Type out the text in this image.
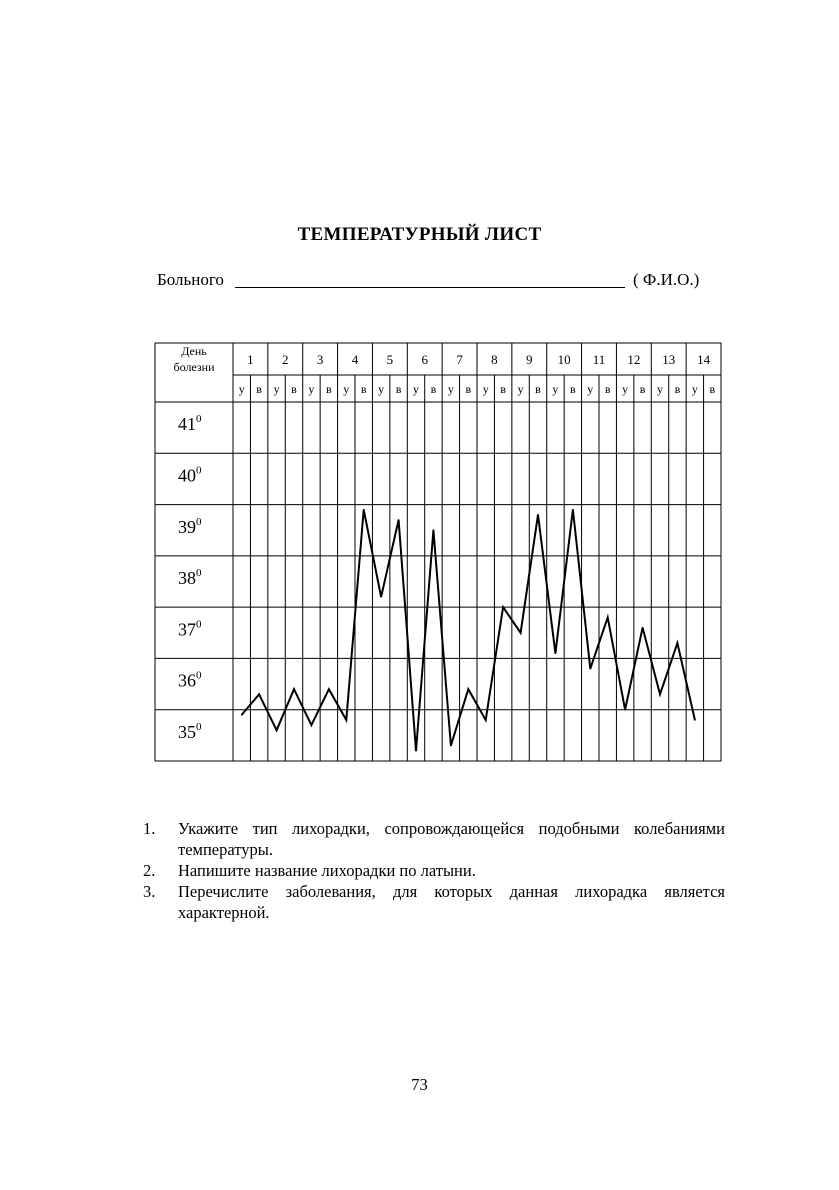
ТЕМПЕРАТУРНЫЙ ЛИСТ
Больного	( Ф.И.О.)
День
болезни	1 2 3 4 5 6 7 8 9 10 11 12 13 14
у в у в у в у в у в у в у в у в у в у в у в у в у в у в
$41^0$
$40^0$
$39^0$
$38^0$
$37^0$
$36^0$
$35^0$
1. Укажите тип лихорадки, сопровождающейся подобными колебаниями температуры.
2. Напишите название лихорадки по латыни.
3. Перечислите заболевания, для которых данная лихорадка является характерной.
73
